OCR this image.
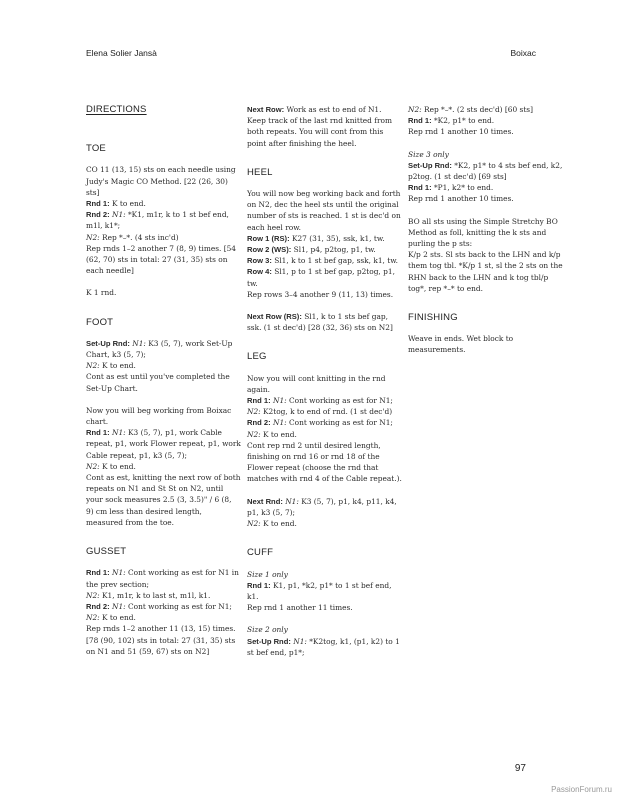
Elena Solier Jansà	Boixac
DIRECTIONS
TOE

CO 11 (13, 15) sts on each needle using Judy's Magic CO Method. [22 (26, 30) sts]

Rnd 1: K to end.

Rnd 2: N1: *K1, m1r, k to 1 st bef end, m1l, k1*;

N2: Rep *–*. (4 sts inc'd)

Rep rnds 1–2 another 7 (8, 9) times. [54 (62, 70) sts in total: 27 (31, 35) sts on each needle]

K 1 rnd.

FOOT

Set-Up Rnd: N1: K3 (5, 7), work Set-Up Chart, k3 (5, 7);

N2: K to end.

Cont as est until you've completed the Set-Up Chart.

Now you will beg working from Boixac chart.

Rnd 1: N1: K3 (5, 7), p1, work Cable repeat, p1, work Flower repeat, p1, work Cable repeat, p1, k3 (5, 7);

N2: K to end.

Cont as est, knitting the next row of both repeats on N1 and St St on N2, until your sock measures 2.5 (3, 3.5)" / 6 (8, 9) cm less than desired length, measured from the toe.

GUSSET

Rnd 1: N1: Cont working as est for N1 in the prev section;

N2: K1, m1r, k to last st, m1l, k1.

Rnd 2: N1: Cont working as est for N1;

N2: K to end.

Rep rnds 1–2 another 11 (13, 15) times. [78 (90, 102) sts in total: 27 (31, 35) sts on N1 and 51 (59, 67) sts on N2]

Next Row: Work as est to end of N1. Keep track of the last rnd knitted from both repeats. You will cont from this point after finishing the heel.

HEEL

You will now beg working back and forth on N2, dec the heel sts until the original number of sts is reached. 1 st is dec'd on each heel row.

Row 1 (RS): K27 (31, 35), ssk, k1, tw.

Row 2 (WS): Sl1, p4, p2tog, p1, tw.

Row 3: Sl1, k to 1 st bef gap, ssk, k1, tw.

Row 4: Sl1, p to 1 st bef gap, p2tog, p1, tw.

Rep rows 3–4 another 9 (11, 13) times.

Next Row (RS): Sl1, k to 1 sts bef gap, ssk. (1 st dec'd) [28 (32, 36) sts on N2]

LEG

Now you will cont knitting in the rnd again.

Rnd 1: N1: Cont working as est for N1;

N2: K2tog, k to end of rnd. (1 st dec'd)

Rnd 2: N1: Cont working as est for N1;

N2: K to end.

Cont rep rnd 2 until desired length, finishing on rnd 16 or rnd 18 of the Flower repeat (choose the rnd that matches with rnd 4 of the Cable repeat.).

Next Rnd: N1: K3 (5, 7), p1, k4, p11, k4, p1, k3 (5, 7);

N2: K to end.

CUFF

Size 1 only

Rnd 1: K1, p1, *k2, p1* to 1 st bef end, k1.

Rep rnd 1 another 11 times.

Size 2 only

Set-Up Rnd: N1: *K2tog, k1, (p1, k2) to 1 st bef end, p1*;

N2: Rep *–*. (2 sts dec'd) [60 sts]

Rnd 1: *K2, p1* to end.

Rep rnd 1 another 10 times.

Size 3 only

Set-Up Rnd: *K2, p1* to 4 sts bef end, k2, p2tog. (1 st dec'd) [69 sts]

Rnd 1: *P1, k2* to end.

Rep rnd 1 another 10 times.

BO all sts using the Simple Stretchy BO Method as foll, knitting the k sts and purling the p sts:

K/p 2 sts. Sl sts back to the LHN and k/p them tog tbl. *K/p 1 st, sl the 2 sts on the RHN back to the LHN and k tog tbl/p tog*, rep *–* to end.

FINISHING

Weave in ends. Wet block to measurements.

97
PassionForum.ru
